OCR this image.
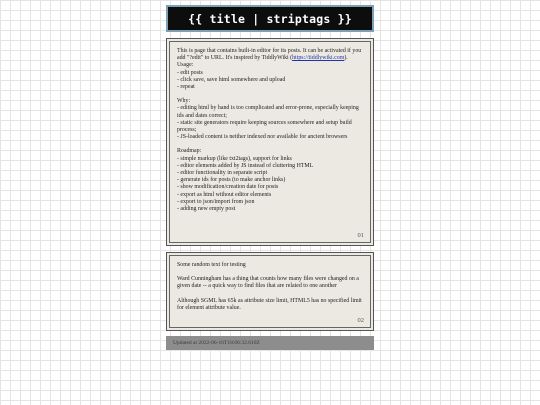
{{ title | striptags }}

This is page that contains built-in editor for its posts. It can be activated if you add "?edit" to URL. It's inspired by TiddlyWiki (https://tiddlywiki.com).

Usage:
- edit posts
- click save, save html somewhere and upload
- repeat
Why:
- editing html by hand is too complicated and error-prone, especially keeping ids and dates correct;
- static site generators require keeping sources somewhere and setup build process;
- JS-loaded content is neither indexed nor available for ancient browsers
Roadmap:
- simple markup (like txt2tags), support for links
- editor elements added by JS instead of cluttering HTML
- editor functionality in separate script
- generate ids for posts (to make anchor links)
- show modification/creation date for posts
- export as html without editor elements
- export to json/import from json
- adding new empty post
01

Some random text for testing

Ward Cunningham has a thing that counts how many files were changed on a given date -- a quick way to find files that are related to one another

Although SGML has 65k as attribute size limit, HTML5 has no specified limit for element attribute value.

02
Updated at 2022-06-16T18:06:32.610Z
